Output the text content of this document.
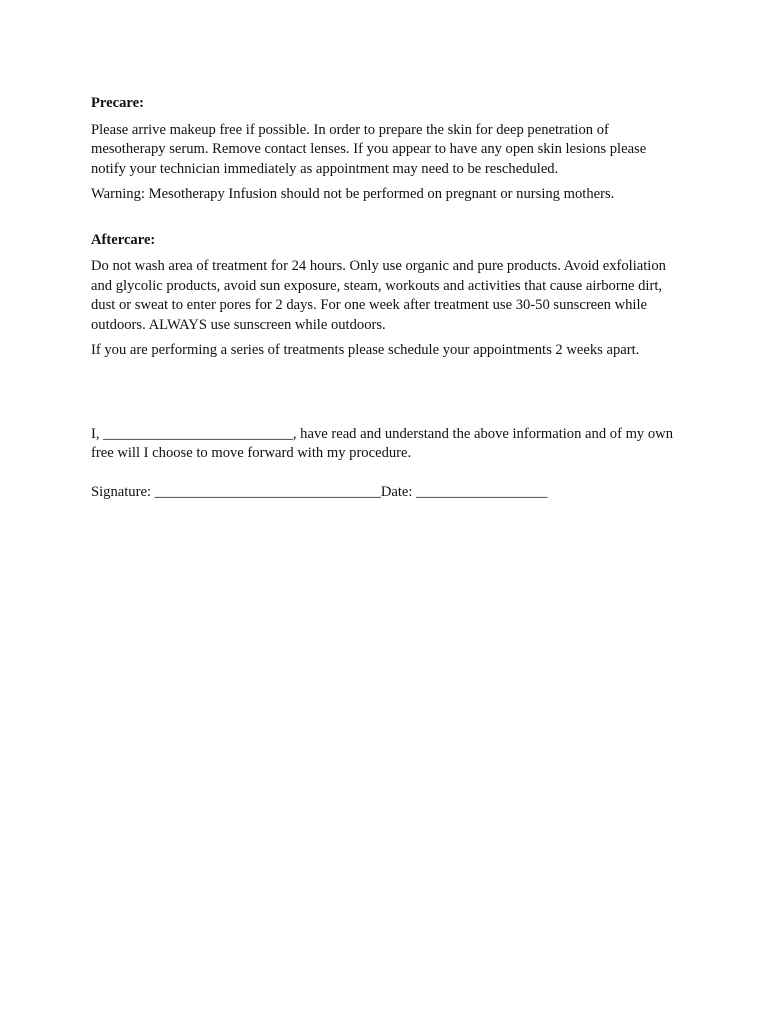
Precare:

Please arrive makeup free if possible. In order to prepare the skin for deep penetration of mesotherapy serum. Remove contact lenses. If you appear to have any open skin lesions please notify your technician immediately as appointment may need to be rescheduled.

Warning: Mesotherapy Infusion should not be performed on pregnant or nursing mothers.

Aftercare:

Do not wash area of treatment for 24 hours. Only use organic and pure products. Avoid exfoliation and glycolic products, avoid sun exposure, steam, workouts and activities that cause airborne dirt, dust or sweat to enter pores for 2 days. For one week after treatment use 30-50 sunscreen while outdoors. ALWAYS use sunscreen while outdoors.

If you are performing a series of treatments please schedule your appointments 2 weeks apart.

I, __________________________, have read and understand the above information and of my own free will I choose to move forward with my procedure.

Signature: _______________________________Date: __________________
